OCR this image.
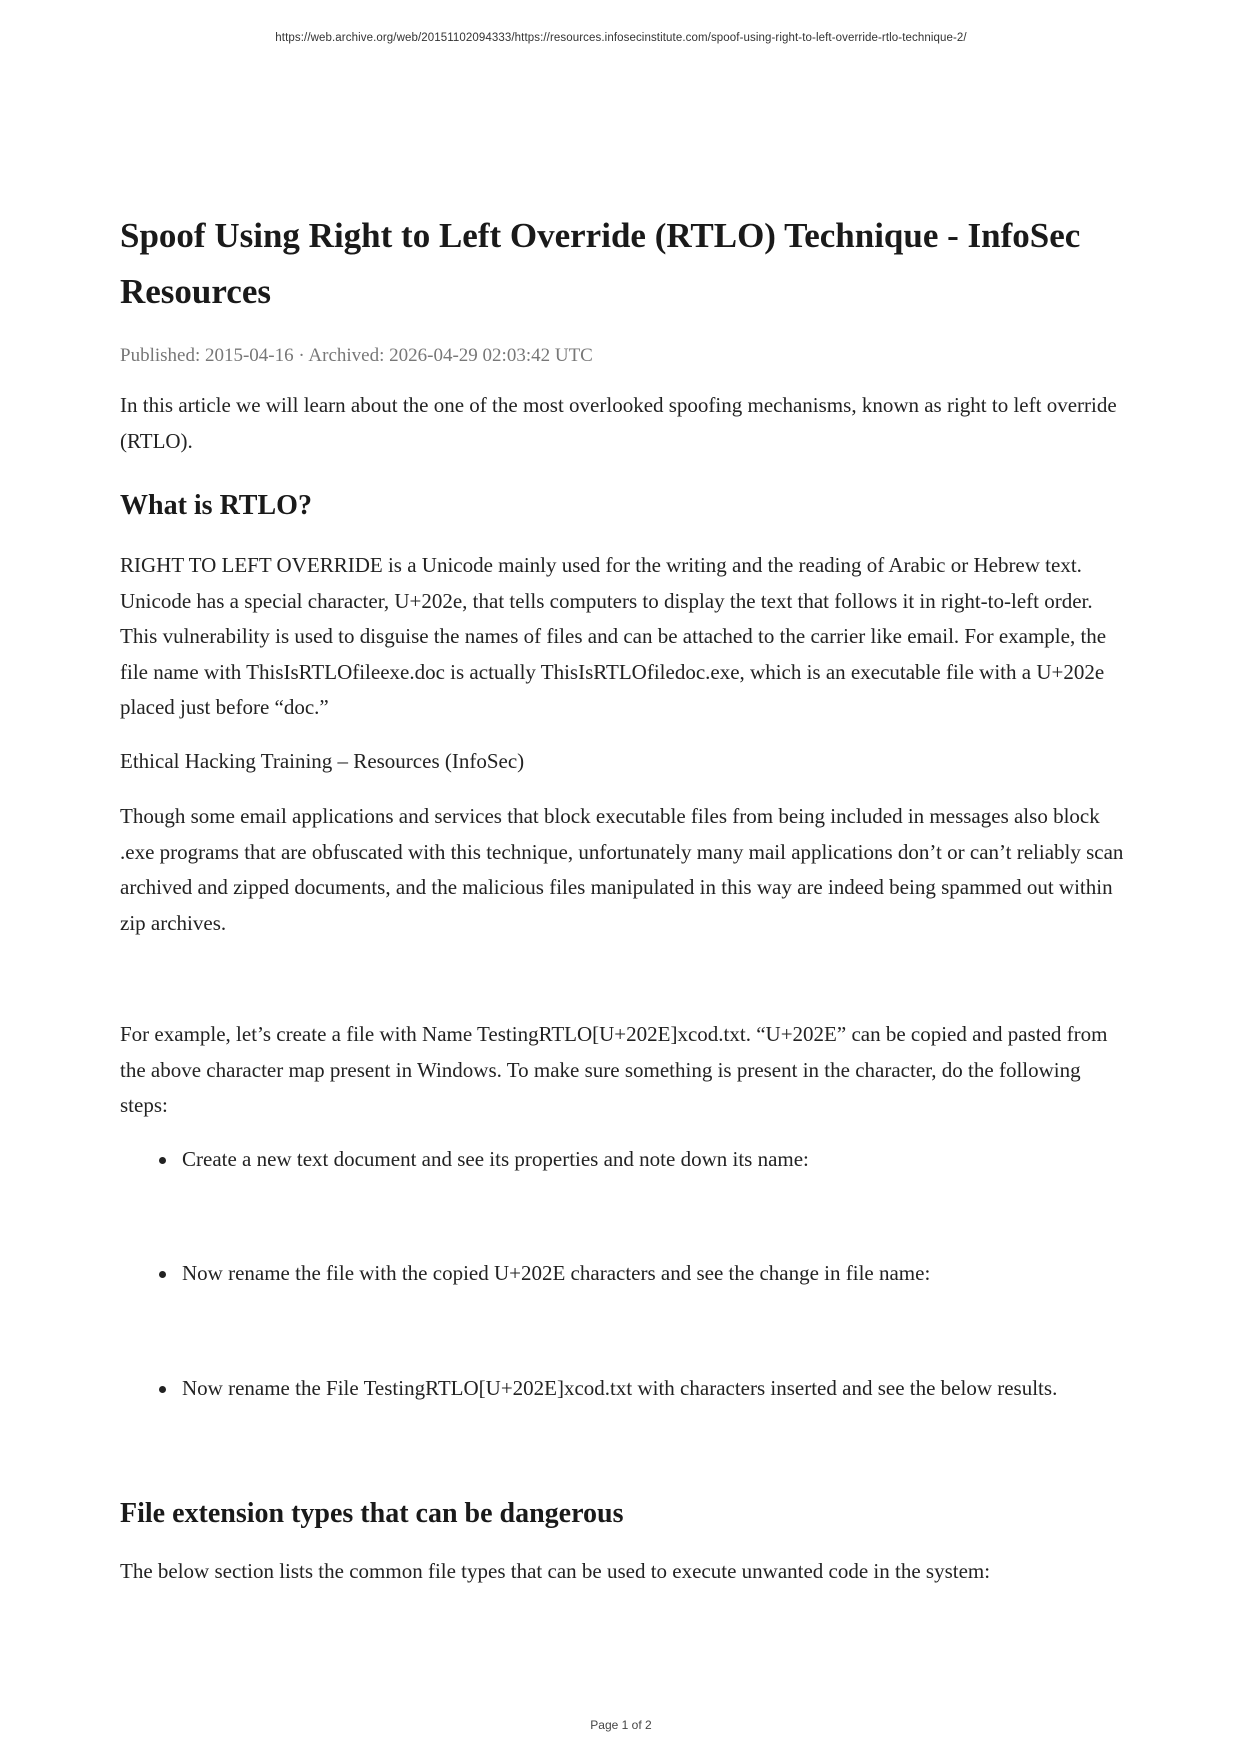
https://web.archive.org/web/20151102094333/https://resources.infosecinstitute.com/spoof-using-right-to-left-override-rtlo-technique-2/
Spoof Using Right to Left Override (RTLO) Technique - InfoSec Resources
Published: 2015-04-16 · Archived: 2026-04-29 02:03:42 UTC

In this article we will learn about the one of the most overlooked spoofing mechanisms, known as right to left override (RTLO).

What is RTLO?

RIGHT TO LEFT OVERRIDE is a Unicode mainly used for the writing and the reading of Arabic or Hebrew text. Unicode has a special character, U+202e, that tells computers to display the text that follows it in right-to-left order. This vulnerability is used to disguise the names of files and can be attached to the carrier like email. For example, the file name with ThisIsRTLOfileexe.doc is actually ThisIsRTLOfiledoc.exe, which is an executable file with a U+202e placed just before “doc.”

Ethical Hacking Training – Resources (InfoSec)

Though some email applications and services that block executable files from being included in messages also block .exe programs that are obfuscated with this technique, unfortunately many mail applications don’t or can’t reliably scan archived and zipped documents, and the malicious files manipulated in this way are indeed being spammed out within zip archives.

For example, let’s create a file with Name TestingRTLO[U+202E]xcod.txt. “U+202E” can be copied and pasted from the above character map present in Windows. To make sure something is present in the character, do the following steps:

Create a new text document and see its properties and note down its name:
Now rename the file with the copied U+202E characters and see the change in file name:
Now rename the File TestingRTLO[U+202E]xcod.txt with characters inserted and see the below results.
File extension types that can be dangerous

The below section lists the common file types that can be used to execute unwanted code in the system:

Page 1 of 2
